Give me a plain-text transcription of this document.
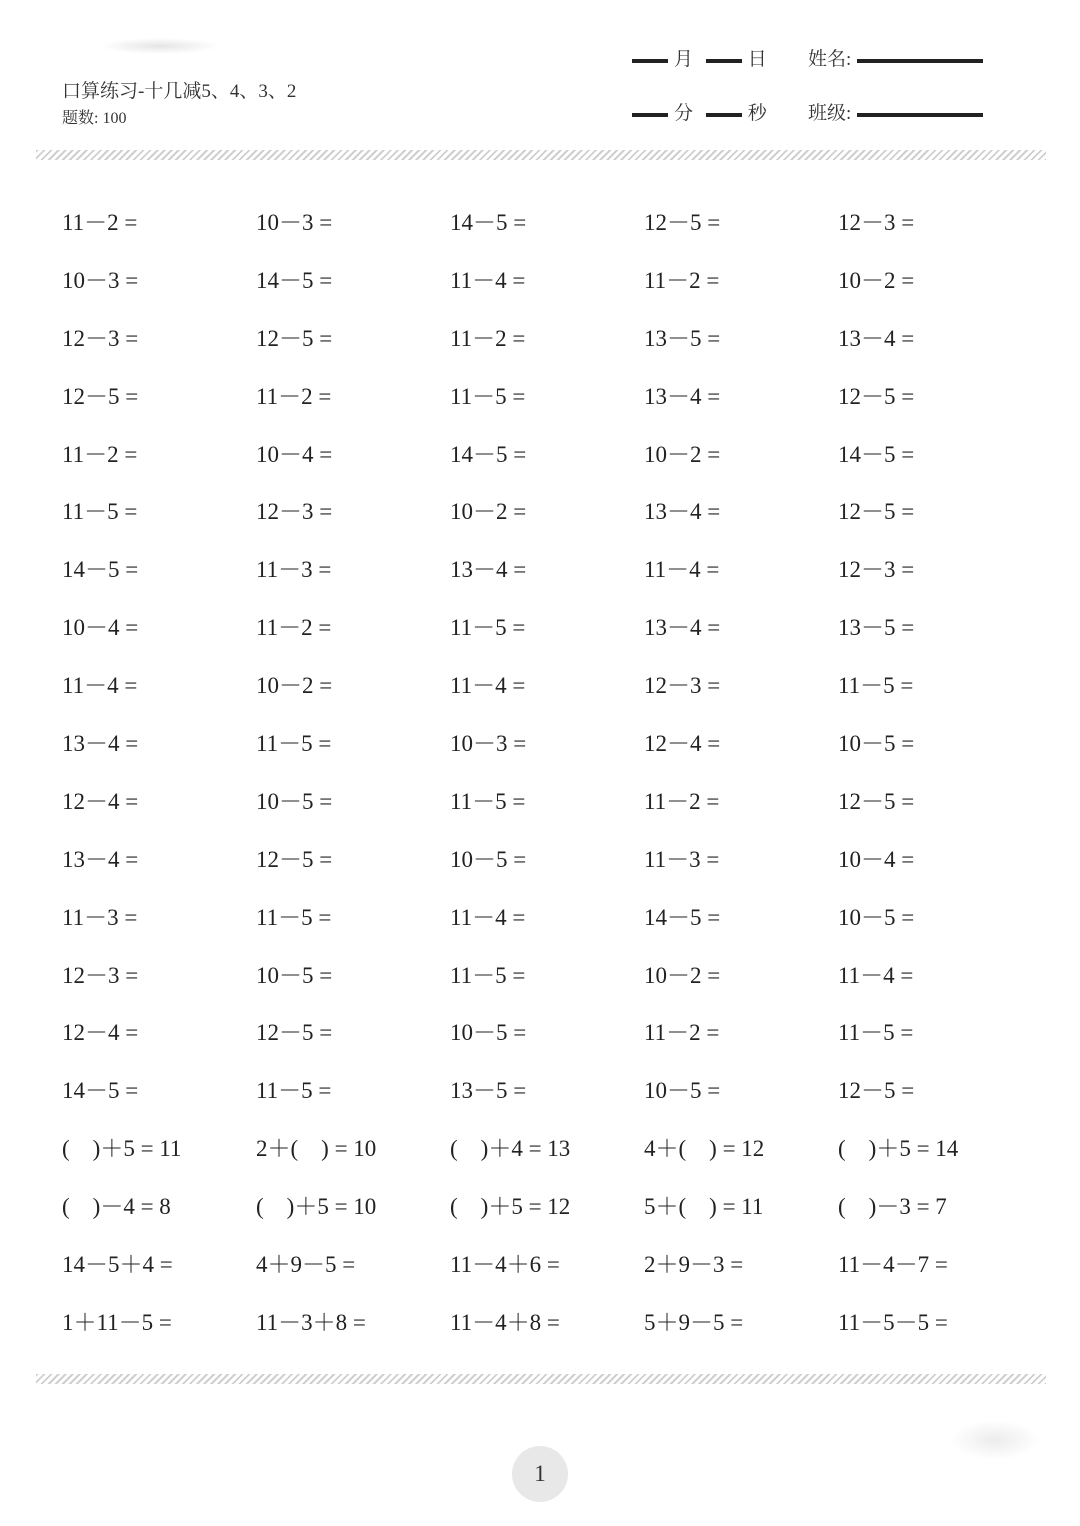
口算练习-十几减5、4、3、2
题数: 100
月	日 姓名:
分	秒 班级:
11－2 =	10－3 =	14－5 =	12－5 =	12－3 =
10－3 =	14－5 =	11－4 =	11－2 =	10－2 =
12－3 =	12－5 =	11－2 =	13－5 =	13－4 =
12－5 =	11－2 =	11－5 =	13－4 =	12－5 =
11－2 =	10－4 =	14－5 =	10－2 =	14－5 =
11－5 =	12－3 =	10－2 =	13－4 =	12－5 =
14－5 =	11－3 =	13－4 =	11－4 =	12－3 =
10－4 =	11－2 =	11－5 =	13－4 =	13－5 =
11－4 =	10－2 =	11－4 =	12－3 =	11－5 =
13－4 =	11－5 =	10－3 =	12－4 =	10－5 =
12－4 =	10－5 =	11－5 =	11－2 =	12－5 =
13－4 =	12－5 =	10－5 =	11－3 =	10－4 =
11－3 =	11－5 =	11－4 =	14－5 =	10－5 =
12－3 =	10－5 =	11－5 =	10－2 =	11－4 =
12－4 =	12－5 =	10－5 =	11－2 =	11－5 =
14－5 =	11－5 =	13－5 =	10－5 =	12－5 =
(　)＋5 = 11	2＋(　) = 10	(　)＋4 = 13	4＋(　) = 12	(　)＋5 = 14
(　)－4 = 8	(　)＋5 = 10	(　)＋5 = 12	5＋(　) = 11	(　)－3 = 7
14－5＋4 =	4＋9－5 =	11－4＋6 =	2＋9－3 =	11－4－7 =
1＋11－5 =	11－3＋8 =	11－4＋8 =	5＋9－5 =	11－5－5 =
1
